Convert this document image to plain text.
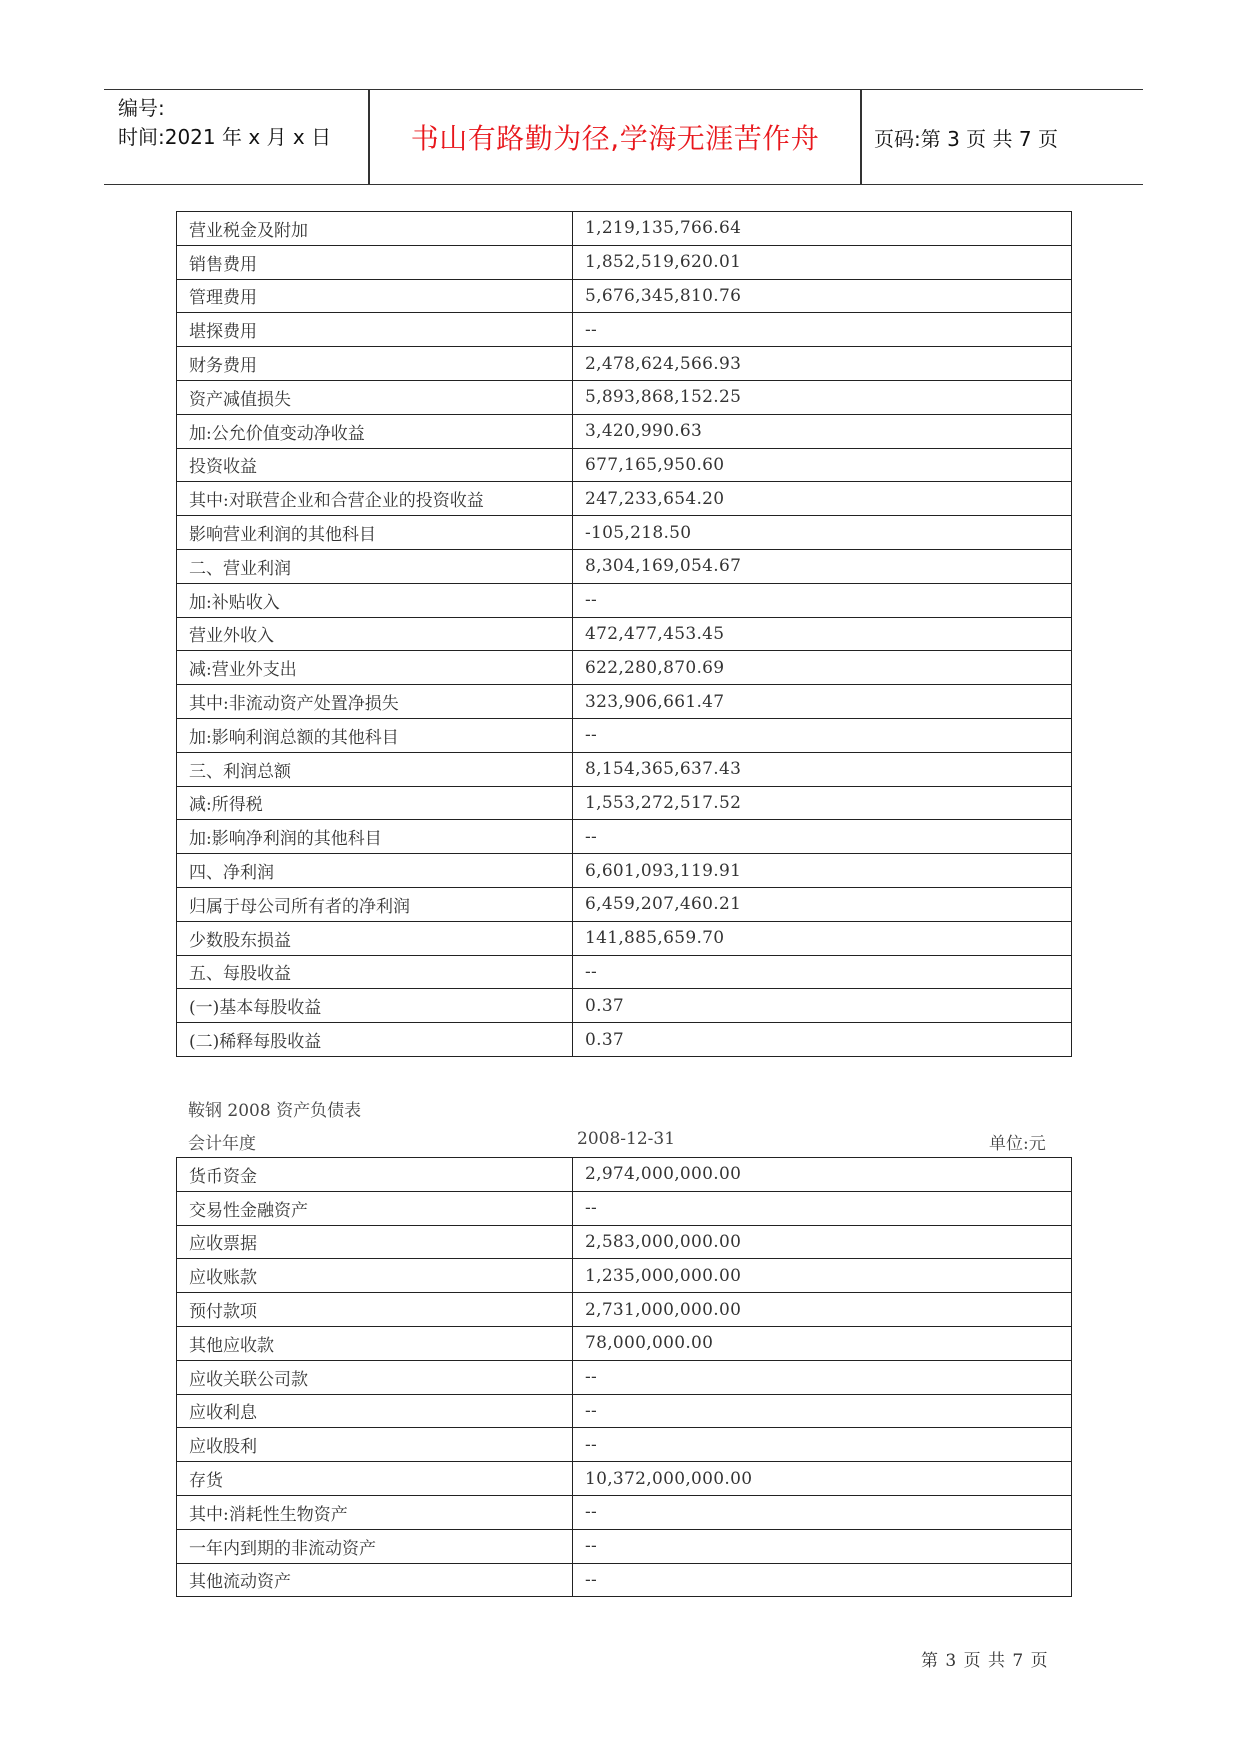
编号:
时间:2021 年 x 月 x 日	书山有路勤为径,学海无涯苦作舟	页码:第 3 页 共 7 页
营业税金及附加	1,219,135,766.64
销售费用	1,852,519,620.01
管理费用	5,676,345,810.76
堪探费用	--
财务费用	2,478,624,566.93
资产减值损失	5,893,868,152.25
加:公允价值变动净收益	3,420,990.63
投资收益	677,165,950.60
其中:对联营企业和合营企业的投资收益	247,233,654.20
影响营业利润的其他科目	-105,218.50
二、营业利润	8,304,169,054.67
加:补贴收入	--
营业外收入	472,477,453.45
减:营业外支出	622,280,870.69
其中:非流动资产处置净损失	323,906,661.47
加:影响利润总额的其他科目	--
三、利润总额	8,154,365,637.43
减:所得税	1,553,272,517.52
加:影响净利润的其他科目	--
四、净利润	6,601,093,119.91
归属于母公司所有者的净利润	6,459,207,460.21
少数股东损益	141,885,659.70
五、每股收益	--
(一)基本每股收益	0.37
(二)稀释每股收益	0.37
鞍钢 2008 资产负债表
会计年度	2008-12-31	单位:元
货币资金	2,974,000,000.00
交易性金融资产	--
应收票据	2,583,000,000.00
应收账款	1,235,000,000.00
预付款项	2,731,000,000.00
其他应收款	78,000,000.00
应收关联公司款	--
应收利息	--
应收股利	--
存货	10,372,000,000.00
其中:消耗性生物资产	--
一年内到期的非流动资产	--
其他流动资产	--
第 3 页 共 7 页
